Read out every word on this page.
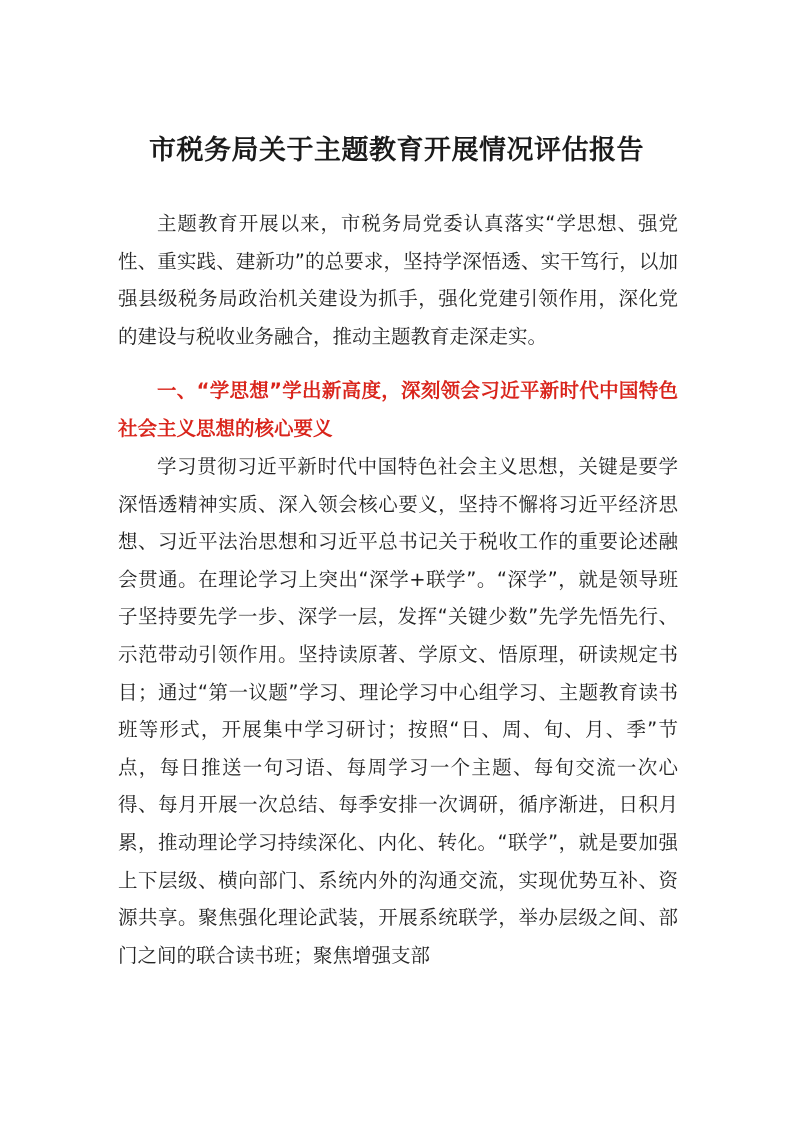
市税务局关于主题教育开展情况评估报告

主题教育开展以来，市税务局党委认真落实“学思想、强党性、重实践、建新功”的总要求，坚持学深悟透、实干笃行，以加强县级税务局政治机关建设为抓手，强化党建引领作用，深化党的建设与税收业务融合，推动主题教育走深走实。

一、“学思想”学出新高度，深刻领会习近平新时代中国特色社会主义思想的核心要义

学习贯彻习近平新时代中国特色社会主义思想，关键是要学深悟透精神实质、深入领会核心要义，坚持不懈将习近平经济思想、习近平法治思想和习近平总书记关于税收工作的重要论述融会贯通。在理论学习上突出“深学+联学”。“深学”，就是领导班子坚持要先学一步、深学一层，发挥“关键少数”先学先悟先行、示范带动引领作用。坚持读原著、学原文、悟原理，研读规定书目；通过“第一议题”学习、理论学习中心组学习、主题教育读书班等形式，开展集中学习研讨；按照“日、周、旬、月、季”节点，每日推送一句习语、每周学习一个主题、每旬交流一次心得、每月开展一次总结、每季安排一次调研，循序渐进，日积月累，推动理论学习持续深化、内化、转化。“联学”，就是要加强上下层级、横向部门、系统内外的沟通交流，实现优势互补、资源共享。聚焦强化理论武装，开展系统联学，举办层级之间、部门之间的联合读书班；聚焦增强支部
